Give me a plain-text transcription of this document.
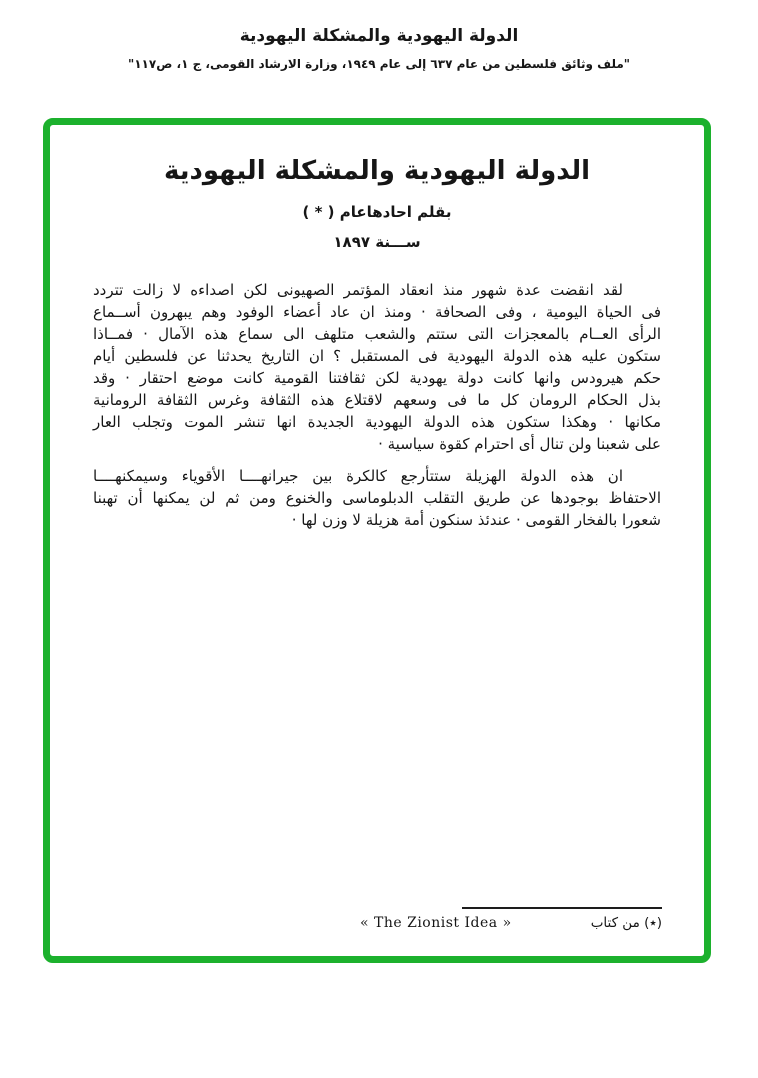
الدولة اليهودية والمشكلة اليهودية
"ملف وثائق فلسطين من عام ٦٣٧ إلى عام ١٩٤٩، وزارة الارشاد القومى، ج ١، ص١١٧"
الدولة اليهودية والمشكلة اليهودية
بقلم احادهاعام ( * )
ســـنة ١٨٩٧
لقد انقضت عدة شهور منذ انعقاد المؤتمر الصهيونى لكن اصداءه لا زالت تتردد
فى الحياة اليومية ، وفى الصحافة · ومنذ ان عاد أعضاء الوفود وهم يبهرون أســماع
الرأى العــام بالمعجزات التى ستتم والشعب متلهف الى سماع هذه الآمال · فمــاذا
ستكون عليه هذه الدولة اليهودية فى المستقبل ؟ ان التاريخ يحدثنا عن فلسطين أيام
حكم هيرودس وانها كانت دولة يهودية لكن ثقافتنا القومية كانت موضع احتقار · وقد
بذل الحكام الرومان كل ما فى وسعهم لاقتلاع هذه الثقافة وغرس الثقافة الرومانية
مكانها · وهكذا ستكون هذه الدولة اليهودية الجديدة انها تنشر الموت وتجلب العار
على شعبنا ولن تنال أى احترام كقوة سياسية ·
ان هذه الدولة الهزيلة ستتأرجع كالكرة بين جيرانهــــا الأقوياء وسيمكنهــــا
الاحتفاظ بوجودها عن طريق التقلب الدبلوماسى والخنوع ومن ثم لن يمكنها أن تهبنا
شعورا بالفخار القومى · عندئذ سنكون أمة هزيلة لا وزن لها ·
(٭) من كتاب
« The Zionist Idea »
